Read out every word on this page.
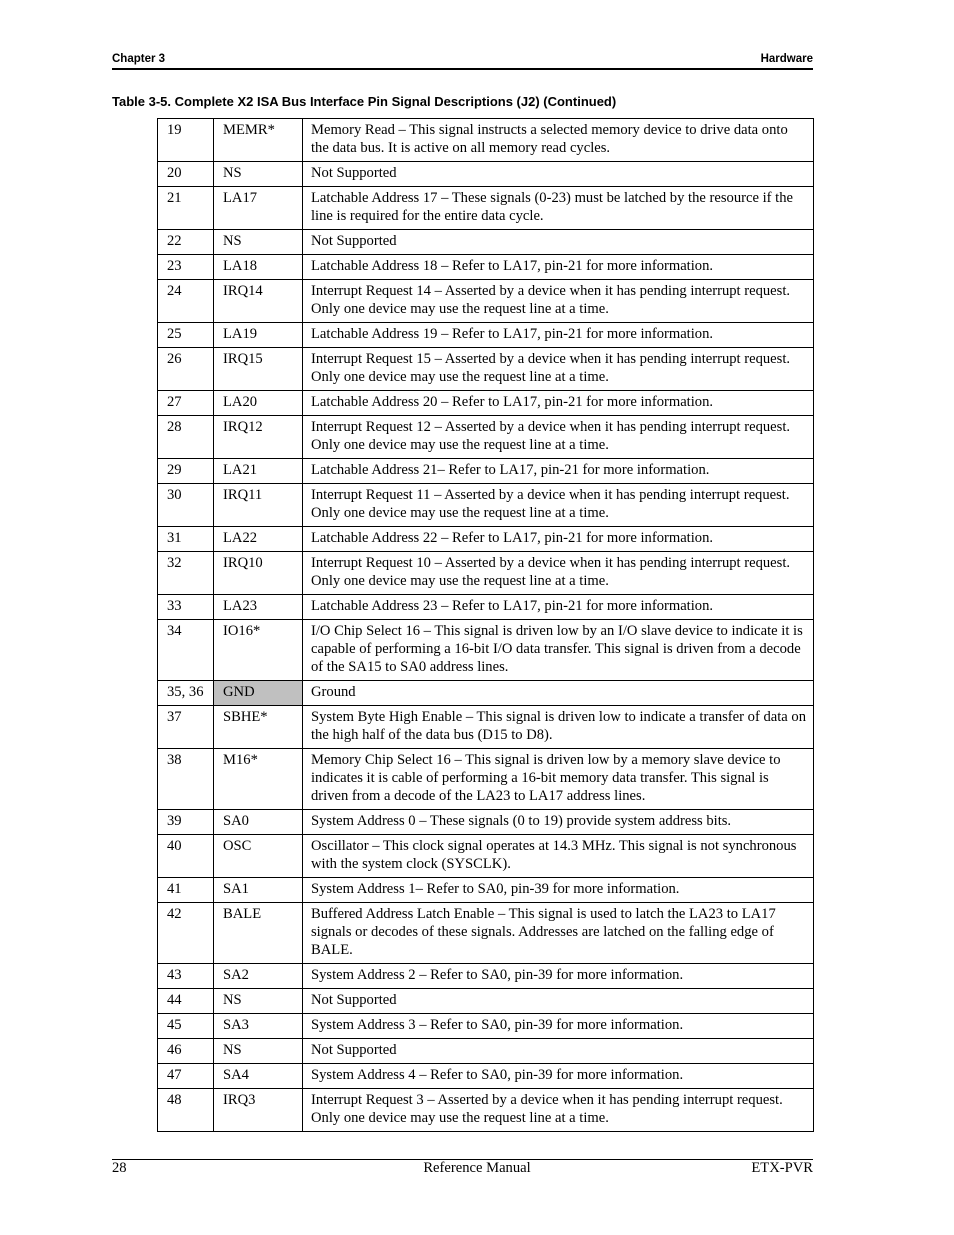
Chapter 3	Hardware
Table 3-5. Complete X2 ISA Bus Interface Pin Signal Descriptions (J2) (Continued)
19	MEMR*	Memory Read – This signal instructs a selected memory device to drive data onto the data bus. It is active on all memory read cycles.
20	NS	Not Supported
21	LA17	Latchable Address 17 – These signals (0-23) must be latched by the resource if the line is required for the entire data cycle.
22	NS	Not Supported
23	LA18	Latchable Address 18 – Refer to LA17, pin-21 for more information.
24	IRQ14	Interrupt Request 14 – Asserted by a device when it has pending interrupt request. Only one device may use the request line at a time.
25	LA19	Latchable Address 19 – Refer to LA17, pin-21 for more information.
26	IRQ15	Interrupt Request 15 – Asserted by a device when it has pending interrupt request. Only one device may use the request line at a time.
27	LA20	Latchable Address 20 – Refer to LA17, pin-21 for more information.
28	IRQ12	Interrupt Request 12 – Asserted by a device when it has pending interrupt request. Only one device may use the request line at a time.
29	LA21	Latchable Address 21– Refer to LA17, pin-21 for more information.
30	IRQ11	Interrupt Request 11 – Asserted by a device when it has pending interrupt request. Only one device may use the request line at a time.
31	LA22	Latchable Address 22 – Refer to LA17, pin-21 for more information.
32	IRQ10	Interrupt Request 10 – Asserted by a device when it has pending interrupt request. Only one device may use the request line at a time.
33	LA23	Latchable Address 23 – Refer to LA17, pin-21 for more information.
34	IO16*	I/O Chip Select 16 – This signal is driven low by an I/O slave device to indicate it is capable of performing a 16-bit I/O data transfer. This signal is driven from a decode of the SA15 to SA0 address lines.
35, 36	GND	Ground
37	SBHE*	System Byte High Enable – This signal is driven low to indicate a transfer of data on the high half of the data bus (D15 to D8).
38	M16*	Memory Chip Select 16 – This signal is driven low by a memory slave device to indicates it is cable of performing a 16-bit memory data transfer. This signal is driven from a decode of the LA23 to LA17 address lines.
39	SA0	System Address 0 – These signals (0 to 19) provide system address bits.
40	OSC	Oscillator – This clock signal operates at 14.3 MHz. This signal is not synchronous with the system clock (SYSCLK).
41	SA1	System Address 1– Refer to SA0, pin-39 for more information.
42	BALE	Buffered Address Latch Enable – This signal is used to latch the LA23 to LA17 signals or decodes of these signals. Addresses are latched on the falling edge of BALE.
43	SA2	System Address 2 – Refer to SA0, pin-39 for more information.
44	NS	Not Supported
45	SA3	System Address 3 – Refer to SA0, pin-39 for more information.
46	NS	Not Supported
47	SA4	System Address 4 – Refer to SA0, pin-39 for more information.
48	IRQ3	Interrupt Request 3 – Asserted by a device when it has pending interrupt request. Only one device may use the request line at a time.
28	Reference Manual	ETX-PVR
